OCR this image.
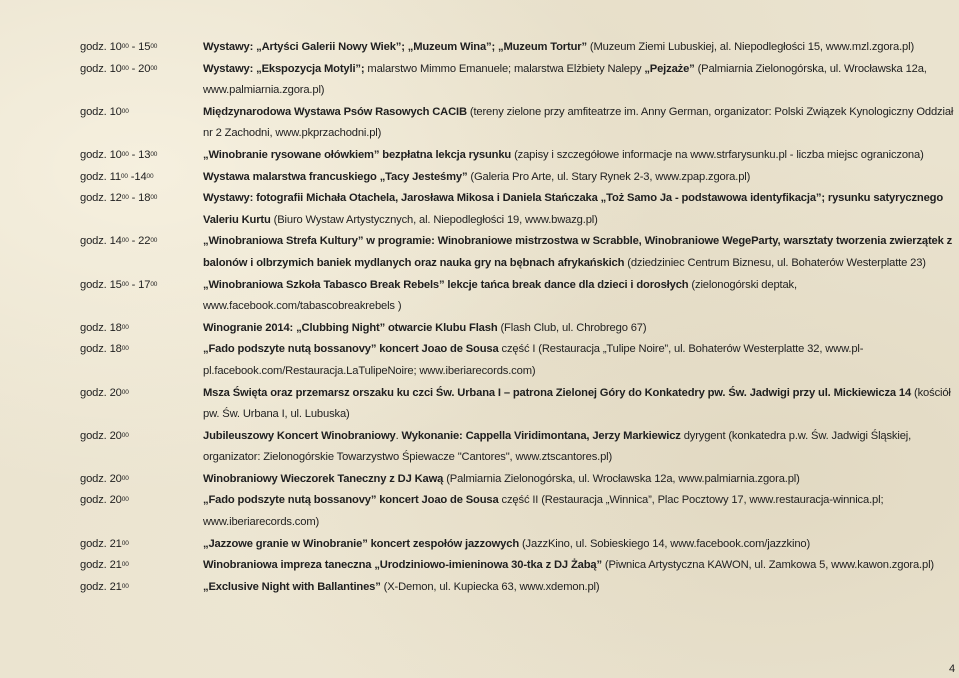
godz. $10^{00} - 15^{00}$	Wystawy: „Artyści Galerii Nowy Wiek”; „Muzeum Wina”; „Muzeum Tortur” (Muzeum Ziemi Lubuskiej, al. Niepodległości 15, www.mzl.zgora.pl)
godz. $10^{00} - 20^{00}$	Wystawy: „Ekspozycja Motyli”; malarstwo Mimmo Emanuele; malarstwa Elżbiety Nalepy „Pejzaże” (Palmiarnia Zielonogórska, ul. Wrocławska 12a, www.palmiarnia.zgora.pl)
godz. $10^{00}$	Międzynarodowa Wystawa Psów Rasowych CACIB (tereny zielone przy amfiteatrze im. Anny German, organizator: Polski Związek Kynologiczny Oddział nr 2 Zachodni, www.pkprzachodni.pl)
godz. $10^{00} - 13^{00}$	„Winobranie rysowane ołówkiem” bezpłatna lekcja rysunku (zapisy i szczegółowe informacje na www.strfarysunku.pl - liczba miejsc ograniczona)
godz. $11^{00}$ $-14^{00}$	Wystawa malarstwa francuskiego „Tacy Jesteśmy” (Galeria Pro Arte, ul. Stary Rynek 2-3, www.zpap.zgora.pl)
godz. $12^{00} - 18^{00}$	Wystawy: fotografii Michała Otachela, Jarosława Mikosa i Daniela Stańczaka „Toż Samo Ja - podstawowa identyfikacja”; rysunku satyrycznego Valeriu Kurtu (Biuro Wystaw Artystycznych, al. Niepodległości 19, www.bwazg.pl)
godz. $14^{00} - 22^{00}$	„Winobraniowa Strefa Kultury” w programie: Winobraniowe mistrzostwa w Scrabble, Winobraniowe WegeParty, warsztaty tworzenia zwierzątek z balonów i olbrzymich baniek mydlanych oraz nauka gry na bębnach afrykańskich (dziedziniec Centrum Biznesu, ul. Bohaterów Westerplatte 23)
godz. $15^{00} - 17^{00}$	„Winobraniowa Szkoła Tabasco Break Rebels” lekcje tańca break dance dla dzieci i dorosłych (zielonogórski deptak, www.facebook.com/tabascobreakrebels )
godz. $18^{00}$	Winogranie 2014: „Clubbing Night” otwarcie Klubu Flash (Flash Club, ul. Chrobrego 67)
godz. $18^{00}$	„Fado podszyte nutą bossanovy” koncert Joao de Sousa część I (Restauracja „Tulipe Noire”, ul. Bohaterów Westerplatte 32, www.pl-pl.facebook.com/Restauracja.LaTulipeNoire; www.iberiarecords.com)
godz. $20^{00}$	Msza Święta oraz przemarsz orszaku ku czci Św. Urbana I – patrona Zielonej Góry do Konkatedry pw. Św. Jadwigi przy ul. Mickiewicza 14 (kościół pw. Św. Urbana I, ul. Lubuska)
godz. $20^{00}$	Jubileuszowy Koncert Winobraniowy. Wykonanie: Cappella Viridimontana, Jerzy Markiewicz dyrygent (konkatedra p.w. Św. Jadwigi Śląskiej, organizator: Zielonogórskie Towarzystwo Śpiewacze "Cantores", www.ztscantores.pl)
godz. $20^{00}$	Winobraniowy Wieczorek Taneczny z DJ Kawą (Palmiarnia Zielonogórska, ul. Wrocławska 12a, www.palmiarnia.zgora.pl)
godz. $20^{00}$	„Fado podszyte nutą bossanovy” koncert Joao de Sousa część II (Restauracja „Winnica”, Plac Pocztowy 17, www.restauracja-winnica.pl; www.iberiarecords.com)
godz. $21^{00}$	„Jazzowe granie w Winobranie” koncert zespołów jazzowych (JazzKino, ul. Sobieskiego 14, www.facebook.com/jazzkino)
godz. $21^{00}$	Winobraniowa impreza taneczna „Urodziniowo-imieninowa 30-tka z DJ Żabą” (Piwnica Artystyczna KAWON, ul. Zamkowa 5, www.kawon.zgora.pl)
godz. $21^{00}$	„Exclusive Night with Ballantines” (X-Demon, ul. Kupiecka 63, www.xdemon.pl)
4
